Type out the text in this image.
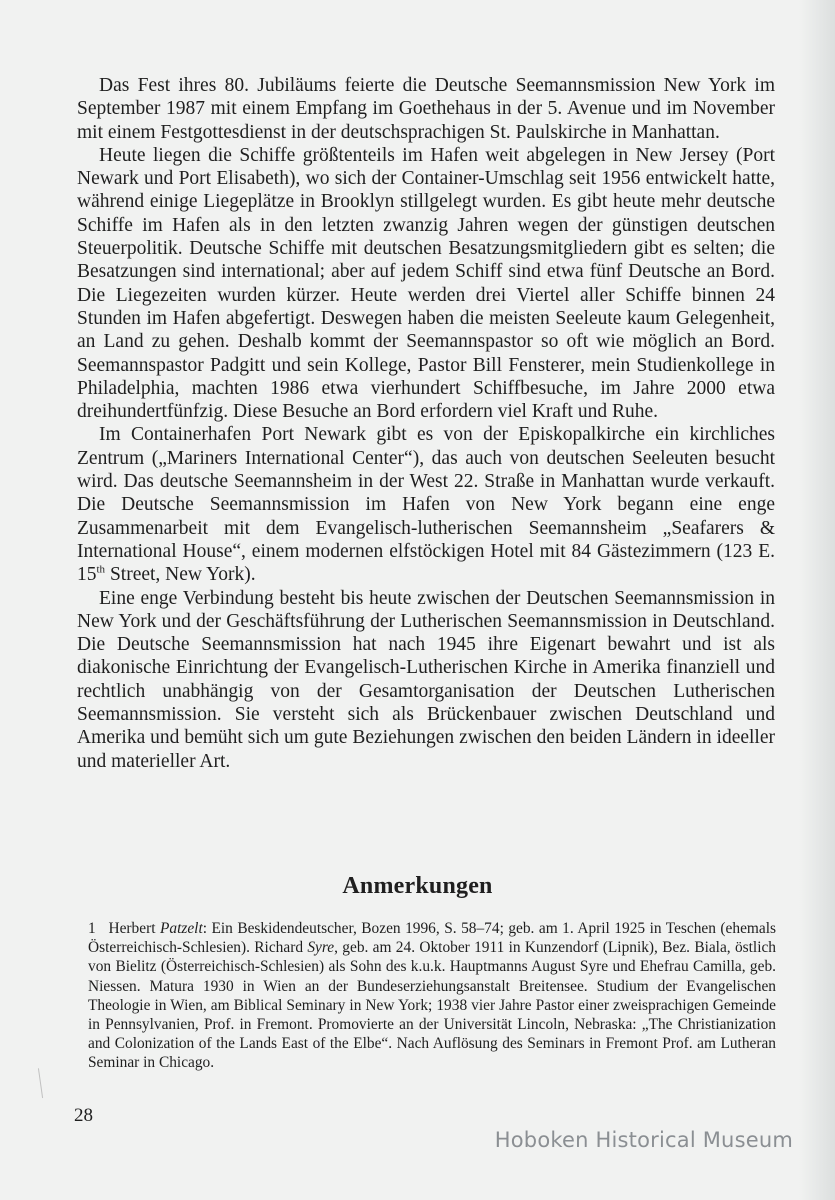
Das Fest ihres 80. Jubiläums feierte die Deutsche Seemannsmission New York im September 1987 mit einem Empfang im Goethehaus in der 5. Avenue und im November mit einem Festgottesdienst in der deutschsprachigen St. Paulskirche in Manhattan.

Heute liegen die Schiffe größtenteils im Hafen weit abgelegen in New Jersey (Port Newark und Port Elisabeth), wo sich der Container-Umschlag seit 1956 entwickelt hatte, während einige Liegeplätze in Brooklyn stillgelegt wurden. Es gibt heute mehr deutsche Schiffe im Hafen als in den letzten zwanzig Jahren wegen der günstigen deutschen Steuerpolitik. Deutsche Schiffe mit deutschen Besatzungsmitgliedern gibt es selten; die Besatzungen sind international; aber auf jedem Schiff sind etwa fünf Deutsche an Bord. Die Liegezeiten wurden kürzer. Heute werden drei Viertel aller Schiffe binnen 24 Stunden im Hafen abgefertigt. Deswegen haben die meisten Seeleute kaum Gelegenheit, an Land zu gehen. Deshalb kommt der Seemannspastor so oft wie möglich an Bord. Seemannspastor Padgitt und sein Kollege, Pastor Bill Fensterer, mein Studienkollege in Philadelphia, machten 1986 etwa vierhundert Schiffbesuche, im Jahre 2000 etwa dreihundertfünfzig. Diese Besuche an Bord erfordern viel Kraft und Ruhe.

Im Containerhafen Port Newark gibt es von der Episkopalkirche ein kirchliches Zentrum („Mariners International Center“), das auch von deutschen Seeleuten besucht wird. Das deutsche Seemannsheim in der West 22. Straße in Manhattan wurde verkauft. Die Deutsche Seemannsmission im Hafen von New York begann eine enge Zusammenarbeit mit dem Evangelisch-lutherischen Seemannsheim „Seafarers & International House“, einem modernen elfstöckigen Hotel mit 84 Gästezimmern (123 E. 15th Street, New York).

Eine enge Verbindung besteht bis heute zwischen der Deutschen Seemannsmission in New York und der Geschäftsführung der Lutherischen Seemannsmission in Deutschland. Die Deutsche Seemannsmission hat nach 1945 ihre Eigenart bewahrt und ist als diakonische Einrichtung der Evangelisch-Lutherischen Kirche in Amerika finanziell und rechtlich unabhängig von der Gesamtorganisation der Deutschen Lutherischen Seemannsmission. Sie versteht sich als Brückenbauer zwischen Deutschland und Amerika und bemüht sich um gute Beziehungen zwischen den beiden Ländern in ideeller und materieller Art.

Anmerkungen
1 Herbert Patzelt: Ein Beskidendeutscher, Bozen 1996, S. 58–74; geb. am 1. April 1925 in Teschen (ehemals Österreichisch-Schlesien). Richard Syre, geb. am 24. Oktober 1911 in Kunzendorf (Lipnik), Bez. Biala, östlich von Bielitz (Österreichisch-Schlesien) als Sohn des k.u.k. Hauptmanns August Syre und Ehefrau Camilla, geb. Niessen. Matura 1930 in Wien an der Bundeserziehungsanstalt Breitensee. Studium der Evangelischen Theologie in Wien, am Biblical Seminary in New York; 1938 vier Jahre Pastor einer zweisprachigen Gemeinde in Pennsylvanien, Prof. in Fremont. Promovierte an der Universität Lincoln, Nebraska: „The Christianization and Colonization of the Lands East of the Elbe“. Nach Auflösung des Seminars in Fremont Prof. am Lutheran Seminar in Chicago.
28
Hoboken Historical Museum
